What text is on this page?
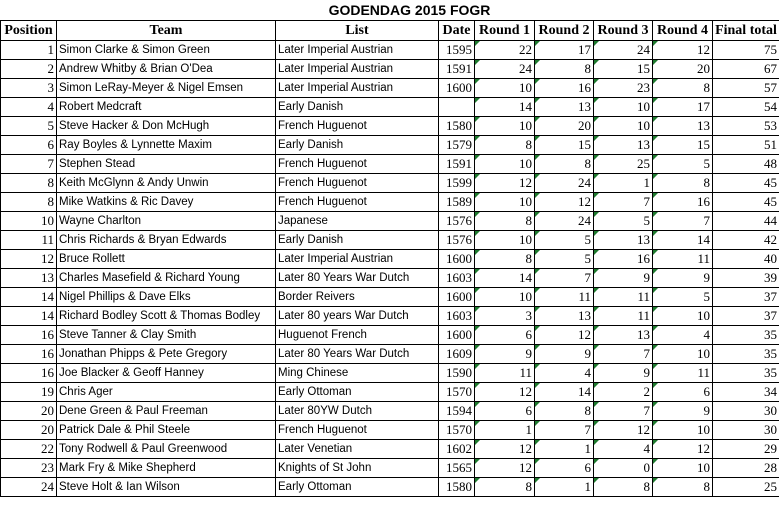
GODENDAG 2015 FOGR
Position	Team	List	Date	Round 1	Round 2	Round 3	Round 4	Final total
1	Simon Clarke & Simon Green	Later Imperial Austrian	1595	22	17	24	12	75
2	Andrew Whitby & Brian O'Dea	Later Imperial Austrian	1591	24	8	15	20	67
3	Simon LeRay-Meyer & Nigel Emsen	Later Imperial Austrian	1600	10	16	23	8	57
4	Robert Medcraft	Early Danish		14	13	10	17	54
5	Steve Hacker & Don McHugh	French Huguenot	1580	10	20	10	13	53
6	Ray Boyles & Lynnette Maxim	Early Danish	1579	8	15	13	15	51
7	Stephen Stead	French Huguenot	1591	10	8	25	5	48
8	Keith McGlynn & Andy Unwin	French Huguenot	1599	12	24	1	8	45
8	Mike Watkins & Ric Davey	French Huguenot	1589	10	12	7	16	45
10	Wayne Charlton	Japanese	1576	8	24	5	7	44
11	Chris Richards & Bryan Edwards	Early Danish	1576	10	5	13	14	42
12	Bruce Rollett	Later Imperial Austrian	1600	8	5	16	11	40
13	Charles Masefield & Richard Young	Later 80 Years War Dutch	1603	14	7	9	9	39
14	Nigel Phillips & Dave Elks	Border Reivers	1600	10	11	11	5	37
14	Richard Bodley Scott & Thomas Bodley	Later 80 years War Dutch	1603	3	13	11	10	37
16	Steve Tanner & Clay Smith	Huguenot French	1600	6	12	13	4	35
16	Jonathan Phipps & Pete Gregory	Later 80 Years War Dutch	1609	9	9	7	10	35
16	Joe Blacker & Geoff Hanney	Ming Chinese	1590	11	4	9	11	35
19	Chris Ager	Early Ottoman	1570	12	14	2	6	34
20	Dene Green & Paul Freeman	Later 80YW Dutch	1594	6	8	7	9	30
20	Patrick Dale & Phil Steele	French Huguenot	1570	1	7	12	10	30
22	Tony Rodwell & Paul Greenwood	Later Venetian	1602	12	1	4	12	29
23	Mark Fry & Mike Shepherd	Knights of St John	1565	12	6	0	10	28
24	Steve Holt & Ian Wilson	Early Ottoman	1580	8	1	8	8	25
